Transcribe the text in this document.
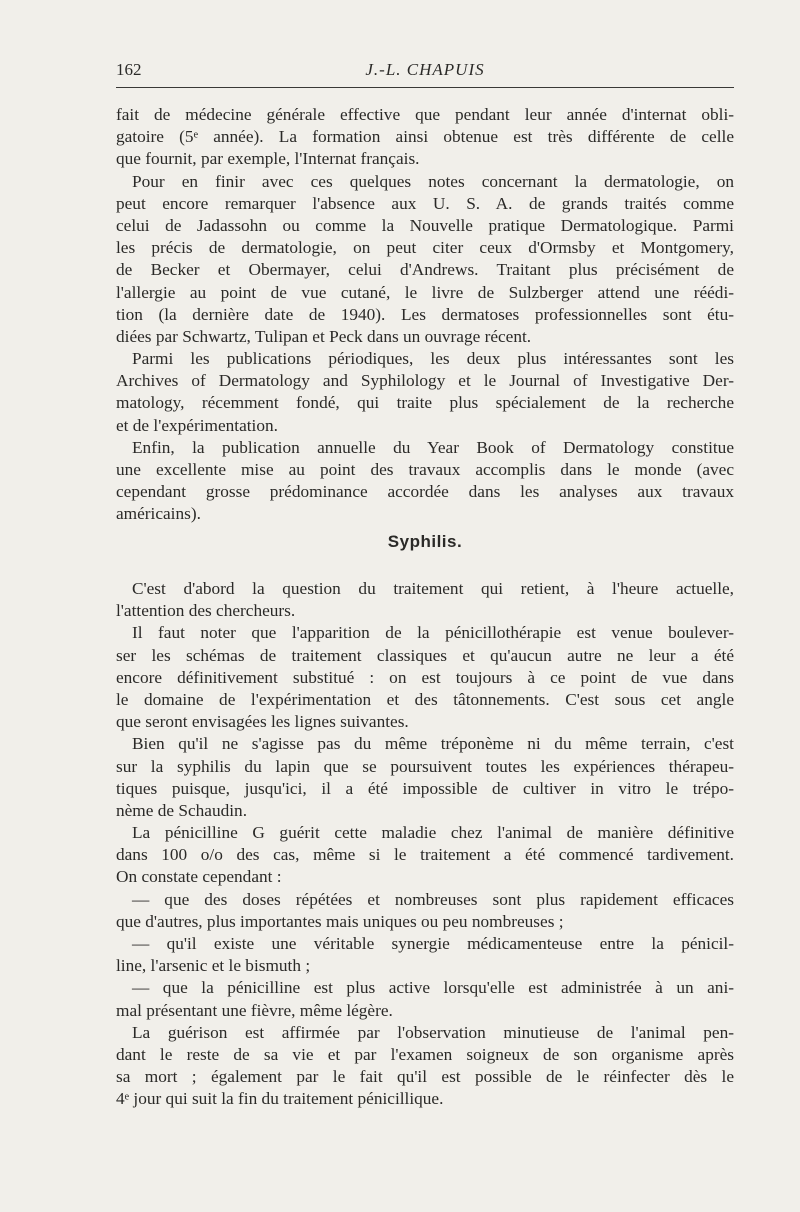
162	J.-L. CHAPUIS
fait de médecine générale effective que pendant leur année d'internat obli-
gatoire (5ᵉ année). La formation ainsi obtenue est très différente de celle
que fournit, par exemple, l'Internat français.
Pour en finir avec ces quelques notes concernant la dermatologie, on
peut encore remarquer l'absence aux U. S. A. de grands traités comme
celui de Jadassohn ou comme la Nouvelle pratique Dermatologique. Parmi
les précis de dermatologie, on peut citer ceux d'Ormsby et Montgomery,
de Becker et Obermayer, celui d'Andrews. Traitant plus précisément de
l'allergie au point de vue cutané, le livre de Sulzberger attend une réédi-
tion (la dernière date de 1940). Les dermatoses professionnelles sont étu-
diées par Schwartz, Tulipan et Peck dans un ouvrage récent.
Parmi les publications périodiques, les deux plus intéressantes sont les
Archives of Dermatology and Syphilology et le Journal of Investigative Der-
matology, récemment fondé, qui traite plus spécialement de la recherche
et de l'expérimentation.
Enfin, la publication annuelle du Year Book of Dermatology constitue
une excellente mise au point des travaux accomplis dans le monde (avec
cependant grosse prédominance accordée dans les analyses aux travaux
américains).
Syphilis.
C'est d'abord la question du traitement qui retient, à l'heure actuelle,
l'attention des chercheurs.
Il faut noter que l'apparition de la pénicillothérapie est venue boulever-
ser les schémas de traitement classiques et qu'aucun autre ne leur a été
encore définitivement substitué : on est toujours à ce point de vue dans
le domaine de l'expérimentation et des tâtonnements. C'est sous cet angle
que seront envisagées les lignes suivantes.
Bien qu'il ne s'agisse pas du même tréponème ni du même terrain, c'est
sur la syphilis du lapin que se poursuivent toutes les expériences thérapeu-
tiques puisque, jusqu'ici, il a été impossible de cultiver in vitro le trépo-
nème de Schaudin.
La pénicilline G guérit cette maladie chez l'animal de manière définitive
dans 100 o/o des cas, même si le traitement a été commencé tardivement.
On constate cependant :
— que des doses répétées et nombreuses sont plus rapidement efficaces
que d'autres, plus importantes mais uniques ou peu nombreuses ;
— qu'il existe une véritable synergie médicamenteuse entre la pénicil-
line, l'arsenic et le bismuth ;
— que la pénicilline est plus active lorsqu'elle est administrée à un ani-
mal présentant une fièvre, même légère.
La guérison est affirmée par l'observation minutieuse de l'animal pen-
dant le reste de sa vie et par l'examen soigneux de son organisme après
sa mort ; également par le fait qu'il est possible de le réinfecter dès le
4ᵉ jour qui suit la fin du traitement pénicillique.
